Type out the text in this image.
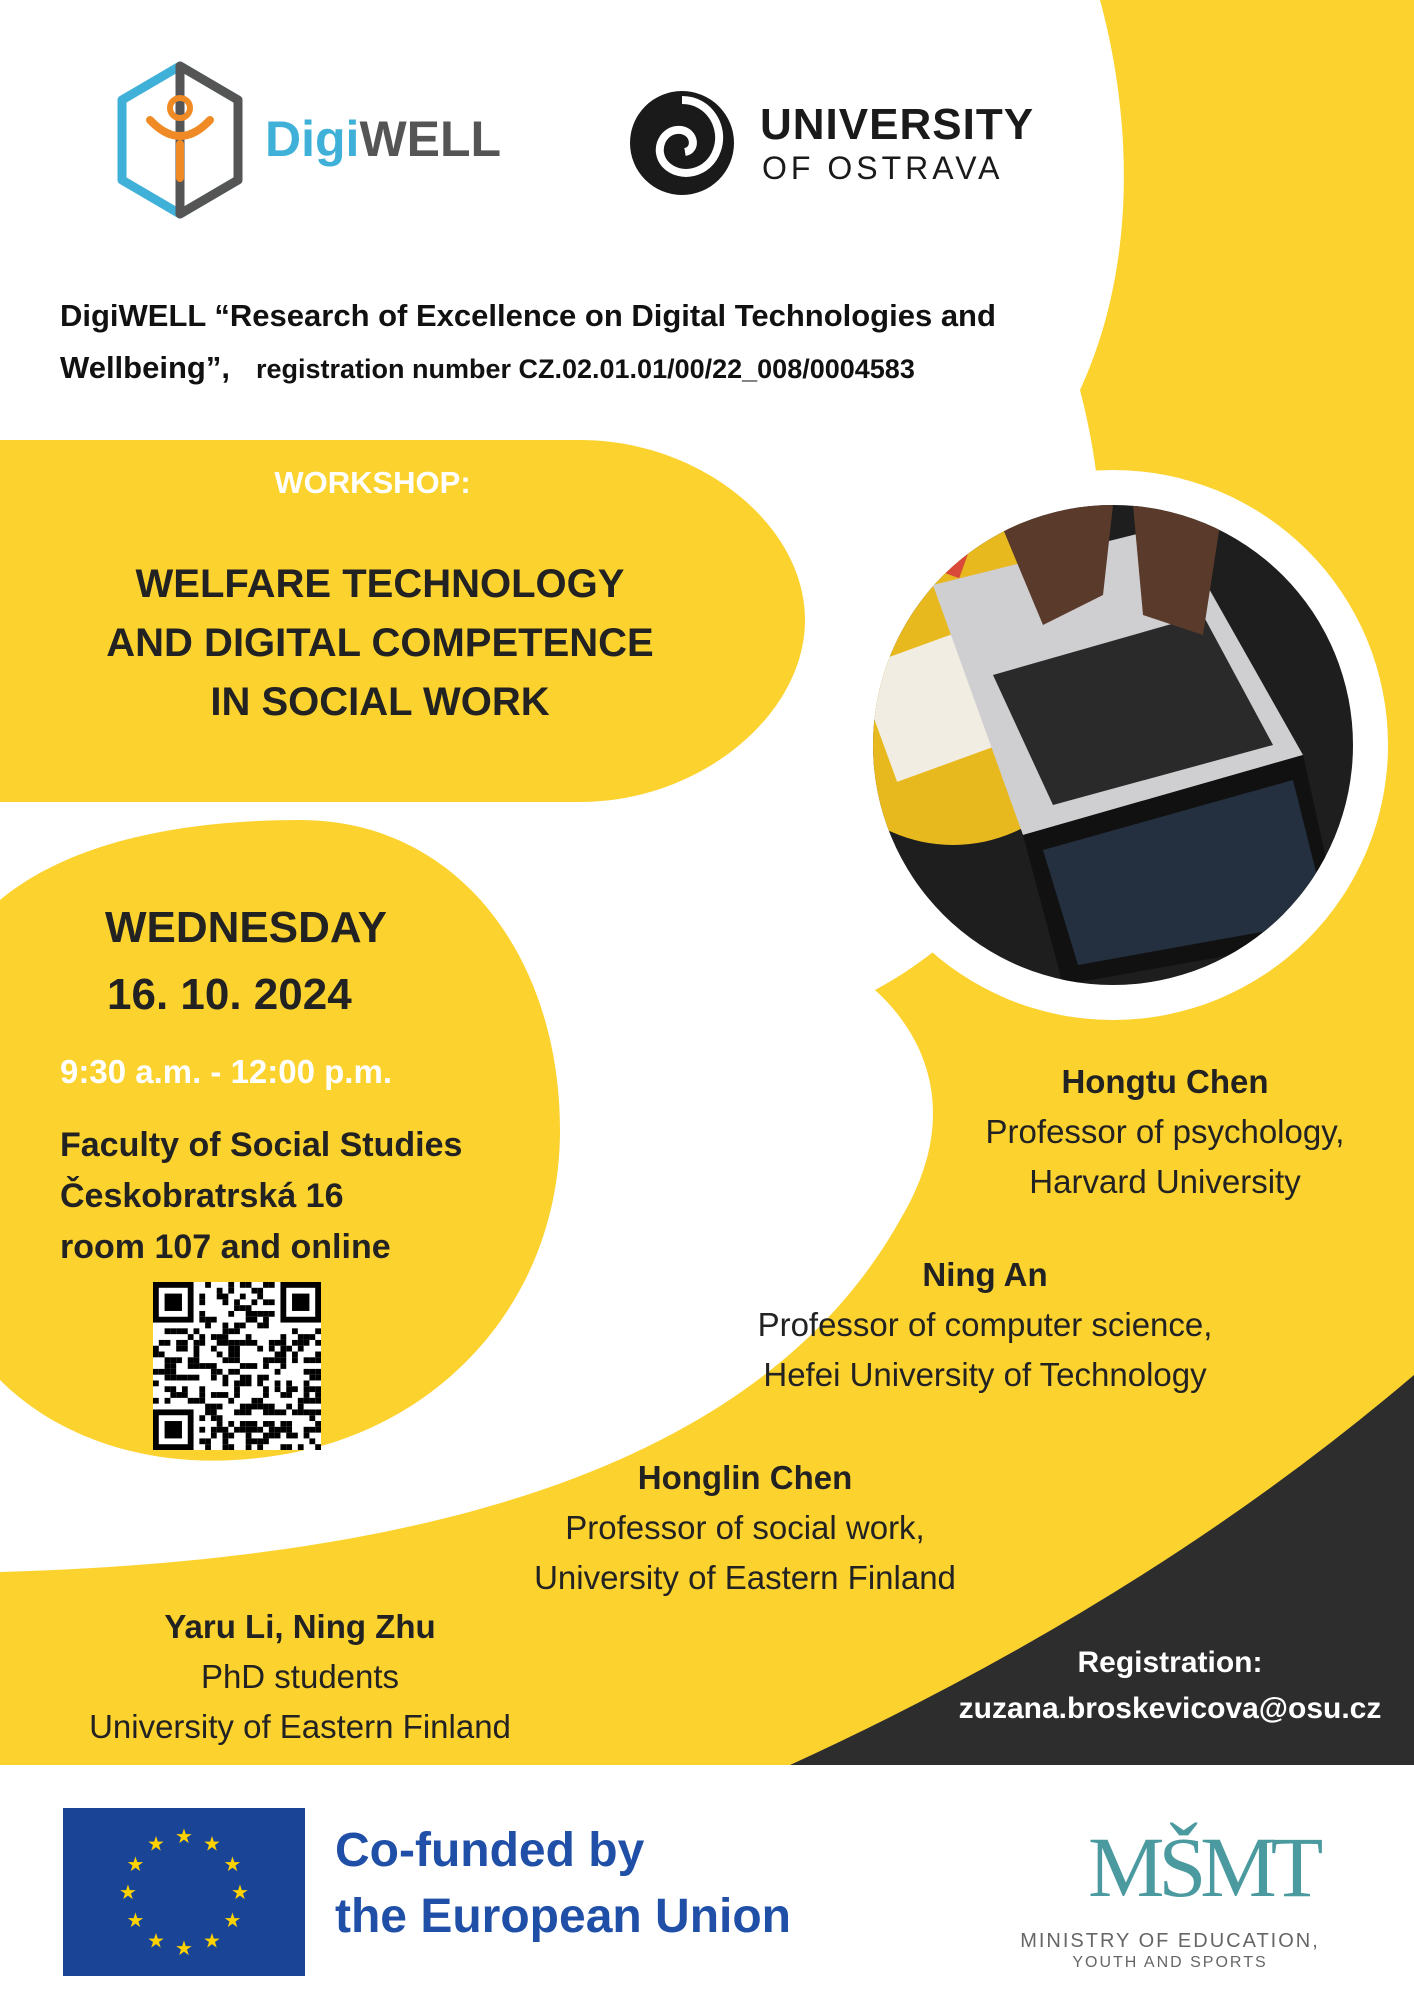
DigiWELL	UNIVERSITY
OF OSTRAVA
DigiWELL “Research of Excellence on Digital Technologies and
Wellbeing”, registration number CZ.02.01.01/00/22_008/0004583
WORKSHOP:
WELFARE TECHNOLOGY
AND DIGITAL COMPETENCE
IN SOCIAL WORK
WEDNESDAY
16. 10. 2024
9:30 a.m. - 12:00 p.m.
Faculty of Social Studies
Českobratrská 16
room 107 and online
Hongtu Chen
Professor of psychology,
Harvard University
Ning An
Professor of computer science,
Hefei University of Technology
Honglin Chen
Professor of social work,
University of Eastern Finland
Yaru Li, Ning Zhu
PhD students
University of Eastern Finland
Registration:
zuzana.broskevicova@osu.cz
★ ★
★
★
★
★
★
★
★
★
★
★	Co-funded by
the European Union
MŠMT
MINISTRY OF EDUCATION,
YOUTH AND SPORTS
